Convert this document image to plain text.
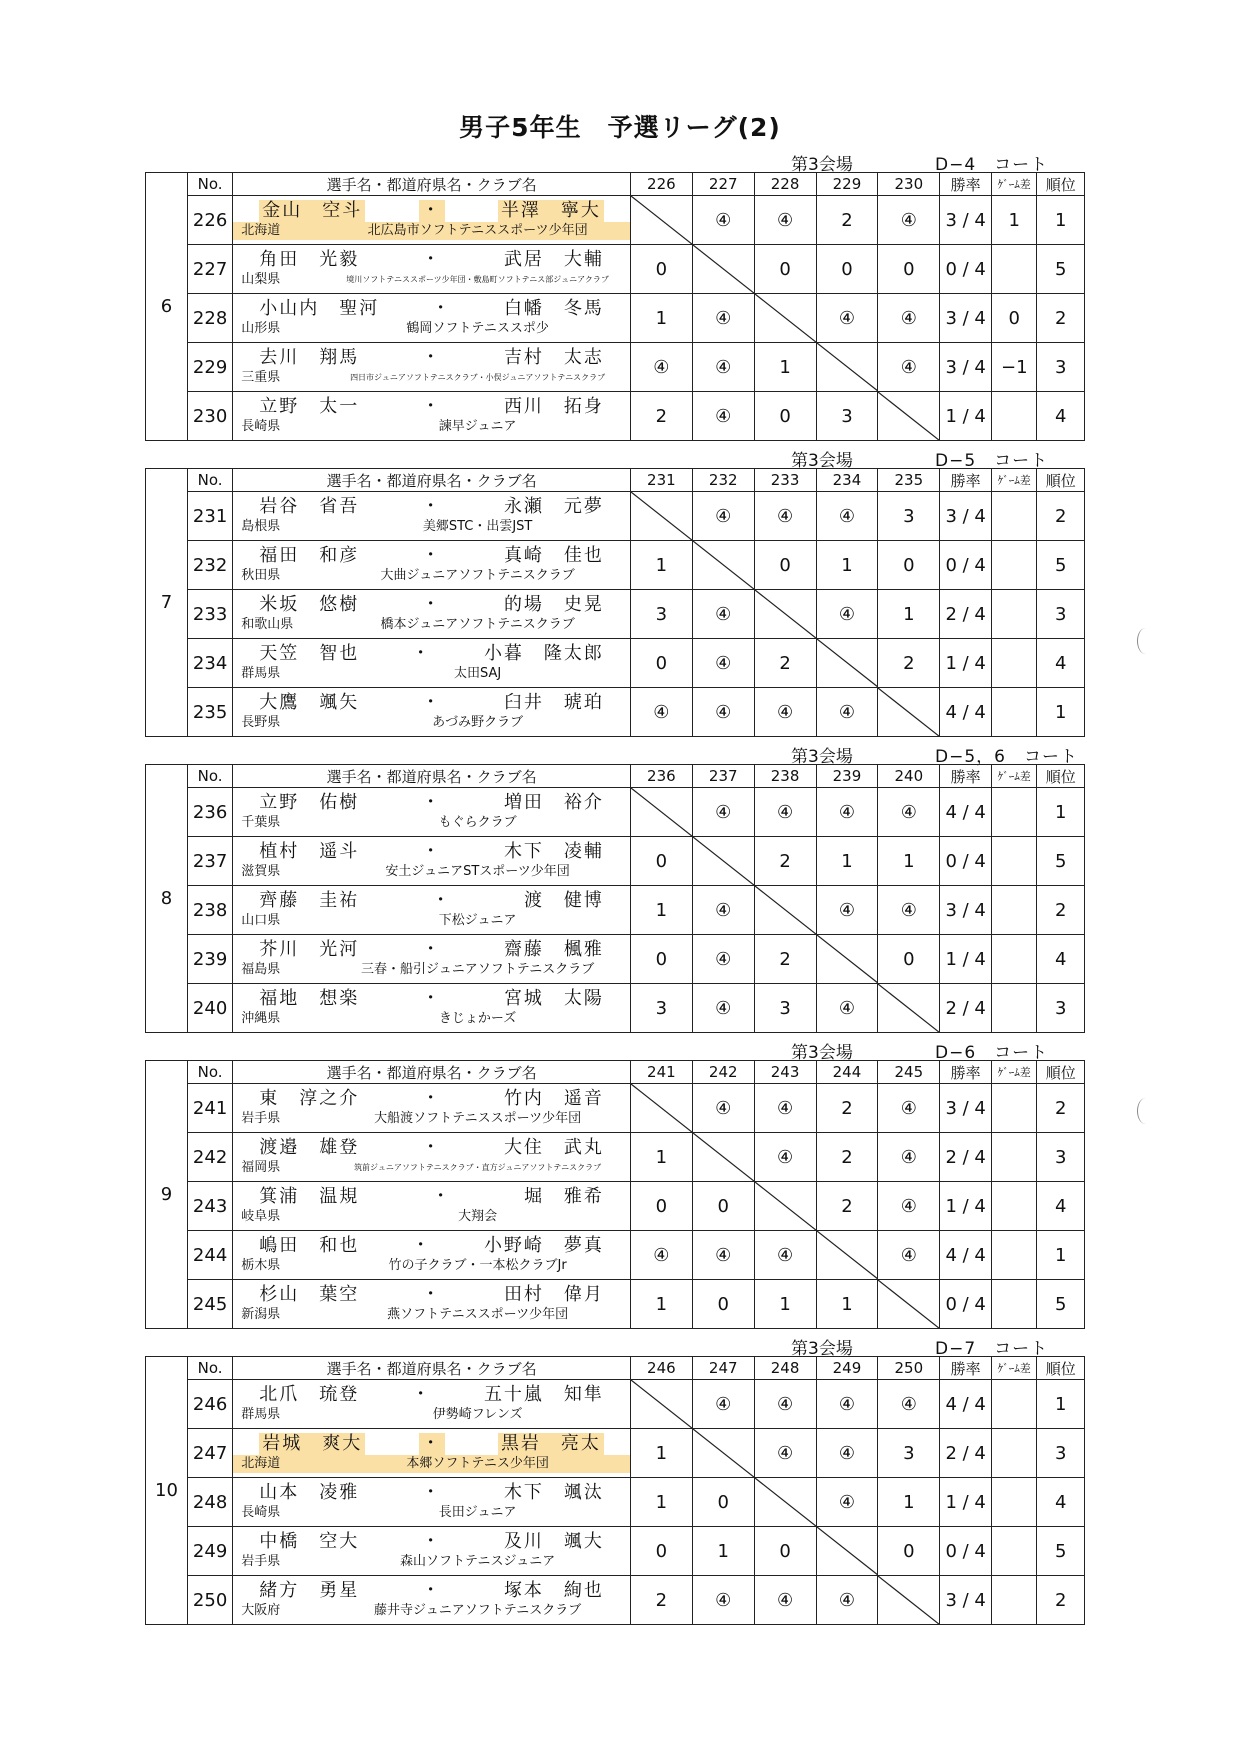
男子5年生　予選リーグ(2)
第3会場	D−4　コート
6	No.	選手名・都道府県名・クラブ名	226	227	228	229	230	勝率	ｹﾞｰﾑ差	順位
	226	金山　空斗 ・ 半澤　寧大
北海道 北広島市ソフトテニススポーツ少年団		④	④	2	④	3 / 4	1	1
	227	角田　光毅 ・ 武居　大輔
山梨県 境川ソフトテニススポーツ少年団・敷島町ソフトテニス部ジュニアクラブ	0		0	0	0	0 / 4		5
	228	小山内　聖河 ・ 白幡　冬馬
山形県 鶴岡ソフトテニススポ少	1	④		④	④	3 / 4	0	2
	229	去川　翔馬 ・ 吉村　太志
三重県 四日市ジュニアソフトテニスクラブ・小俣ジュニアソフトテニスクラブ	④	④	1		④	3 / 4	−1	3
	230	立野　太一 ・ 西川　拓身
長崎県 諫早ジュニア	2	④	0	3		1 / 4		4
第3会場	D−5　コート
7	No.	選手名・都道府県名・クラブ名	231	232	233	234	235	勝率	ｹﾞｰﾑ差	順位
	231	岩谷　省吾 ・ 永瀬　元夢
島根県 美郷STC・出雲JST		④	④	④	3	3 / 4		2
	232	福田　和彦 ・ 真崎　佳也
秋田県 大曲ジュニアソフトテニスクラブ	1		0	1	0	0 / 4		5
	233	米坂　悠樹 ・ 的場　史晃
和歌山県 橋本ジュニアソフトテニスクラブ	3	④		④	1	2 / 4		3
	234	天笠　智也 ・ 小暮　隆太郎
群馬県 太田SAJ	0	④	2		2	1 / 4		4
	235	大鷹　颯矢 ・ 臼井　琥珀
長野県 あづみ野クラブ	④	④	④	④		4 / 4		1
第3会場	D−5，6　コート
8	No.	選手名・都道府県名・クラブ名	236	237	238	239	240	勝率	ｹﾞｰﾑ差	順位
	236	立野　佑樹 ・ 増田　裕介
千葉県 もぐらクラブ		④	④	④	④	4 / 4		1
	237	植村　遥斗 ・ 木下　凌輔
滋賀県 安土ジュニアSTスポーツ少年団	0		2	1	1	0 / 4		5
	238	齊藤　圭祐 ・ 渡　健博
山口県 下松ジュニア	1	④		④	④	3 / 4		2
	239	芥川　光河 ・ 齋藤　楓雅
福島県 三春・船引ジュニアソフトテニスクラブ	0	④	2		0	1 / 4		4
	240	福地　想楽 ・ 宮城　太陽
沖縄県 きじょかーズ	3	④	3	④		2 / 4		3
第3会場	D−6　コート
9	No.	選手名・都道府県名・クラブ名	241	242	243	244	245	勝率	ｹﾞｰﾑ差	順位
	241	東　淳之介 ・ 竹内　遥音
岩手県 大船渡ソフトテニススポーツ少年団		④	④	2	④	3 / 4		2
	242	渡邉　雄登 ・ 大住　武丸
福岡県 筑前ジュニアソフトテニスクラブ・直方ジュニアソフトテニスクラブ	1		④	2	④	2 / 4		3
	243	箕浦　温規 ・ 堀　雅希
岐阜県 大翔会	0	0		2	④	1 / 4		4
	244	嶋田　和也 ・ 小野崎　夢真
栃木県 竹の子クラブ・一本松クラブJr	④	④	④		④	4 / 4		1
	245	杉山　葉空 ・ 田村　偉月
新潟県 燕ソフトテニススポーツ少年団	1	0	1	1		0 / 4		5
第3会場	D−7　コート
10	No.	選手名・都道府県名・クラブ名	246	247	248	249	250	勝率	ｹﾞｰﾑ差	順位
	246	北爪　琉登 ・ 五十嵐　知隼
群馬県 伊勢崎フレンズ		④	④	④	④	4 / 4		1
	247	岩城　爽大 ・ 黒岩　亮太
北海道 本郷ソフトテニス少年団	1		④	④	3	2 / 4		3
	248	山本　凌雅 ・ 木下　颯汰
長崎県 長田ジュニア	1	0		④	1	1 / 4		4
	249	中橋　空大 ・ 及川　颯大
岩手県 森山ソフトテニスジュニア	0	1	0		0	0 / 4		5
	250	緒方　勇星 ・ 塚本　絢也
大阪府 藤井寺ジュニアソフトテニスクラブ	2	④	④	④		3 / 4		2
